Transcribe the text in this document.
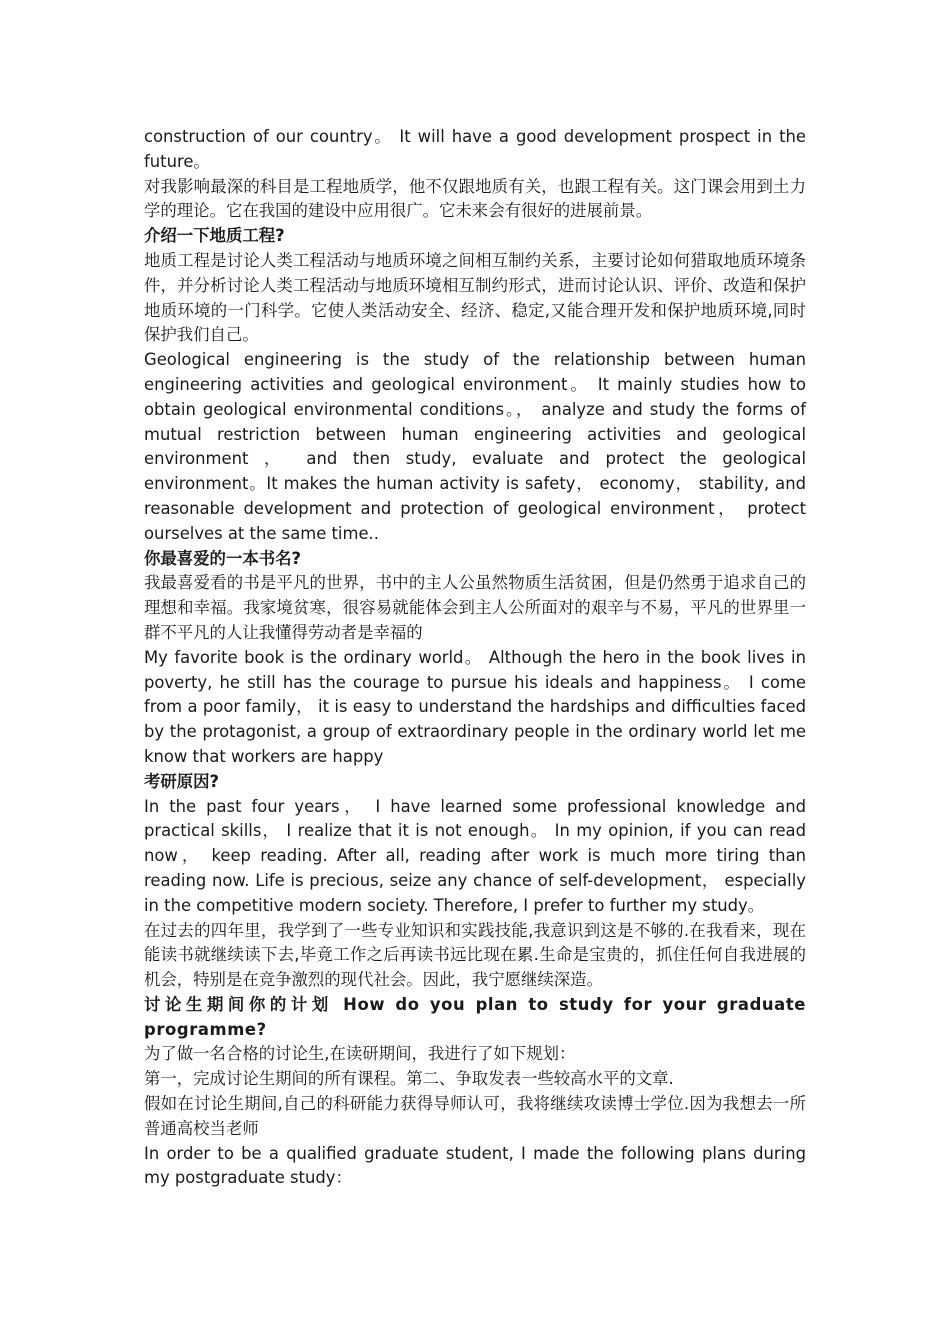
construction of our country。 It will have a good development prospect in the future。

对我影响最深的科目是工程地质学，他不仅跟地质有关，也跟工程有关。这门课会用到土力学的理论。它在我国的建设中应用很广。它未来会有很好的进展前景。

介绍一下地质工程?

地质工程是讨论人类工程活动与地质环境之间相互制约关系，主要讨论如何猎取地质环境条件，并分析讨论人类工程活动与地质环境相互制约形式，进而讨论认识、评价、改造和保护地质环境的一门科学。它使人类活动安全、经济、稳定,又能合理开发和保护地质环境,同时保护我们自己。

Geological engineering is the study of the relationship between human engineering activities and geological environment。 It mainly studies how to obtain geological environmental conditions。， analyze and study the forms of mutual restriction between human engineering activities and geological environment ， and then study, evaluate and protect the geological environment。It makes the human activity is safety， economy， stability, and reasonable development and protection of geological environment， protect ourselves at the same time..

你最喜爱的一本书名?

我最喜爱看的书是平凡的世界，书中的主人公虽然物质生活贫困，但是仍然勇于追求自己的理想和幸福。我家境贫寒，很容易就能体会到主人公所面对的艰辛与不易，平凡的世界里一群不平凡的人让我懂得劳动者是幸福的

My favorite book is the ordinary world。 Although the hero in the book lives in poverty, he still has the courage to pursue his ideals and happiness。 I come from a poor family， it is easy to understand the hardships and difficulties faced by the protagonist, a group of extraordinary people in the ordinary world let me know that workers are happy

考研原因?

In the past four years， I have learned some professional knowledge and practical skills， I realize that it is not enough。 In my opinion, if you can read now， keep reading. After all, reading after work is much more tiring than reading now. Life is precious, seize any chance of self-development， especially in the competitive modern society. Therefore, I prefer to further my study。

在过去的四年里，我学到了一些专业知识和实践技能,我意识到这是不够的.在我看来，现在能读书就继续读下去,毕竟工作之后再读书远比现在累.生命是宝贵的，抓住任何自我进展的机会，特别是在竞争激烈的现代社会。因此，我宁愿继续深造。

讨论生期间你的计划 How do you plan to study for your graduate programme?

为了做一名合格的讨论生,在读研期间，我进行了如下规划：

第一，完成讨论生期间的所有课程。第二、争取发表一些较高水平的文章.

假如在讨论生期间,自己的科研能力获得导师认可，我将继续攻读博士学位.因为我想去一所普通高校当老师

In order to be a qualified graduate student, I made the following plans during my postgraduate study：
